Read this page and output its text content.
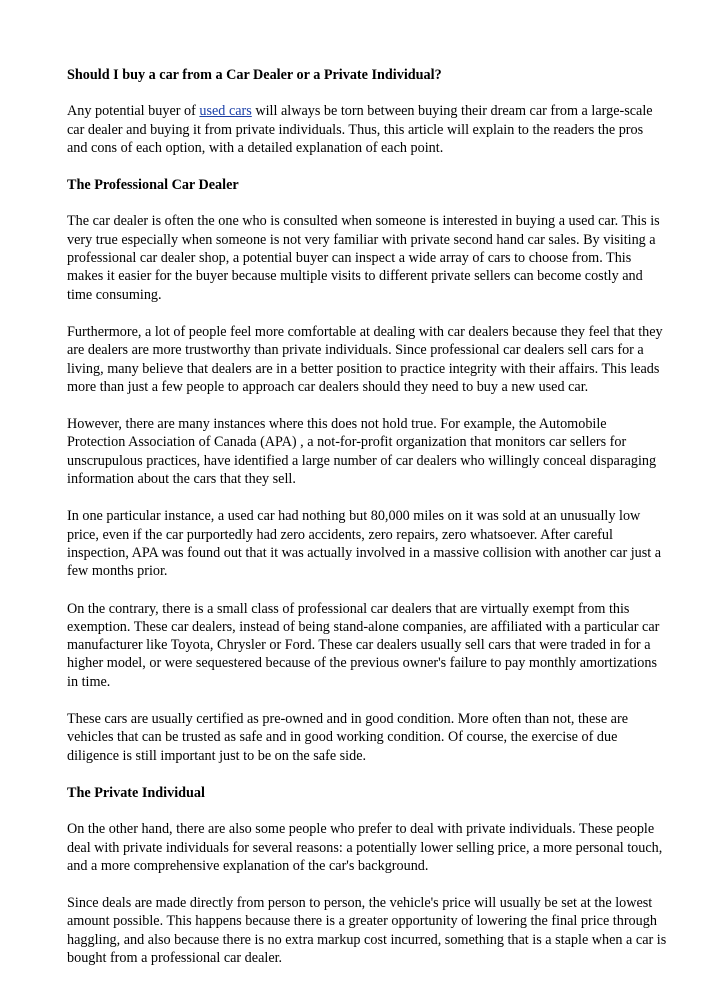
Should I buy a car from a Car Dealer or a Private Individual?

Any potential buyer of used cars will always be torn between buying their dream car from a large-scale car dealer and buying it from private individuals. Thus, this article will explain to the readers the pros and cons of each option, with a detailed explanation of each point.

The Professional Car Dealer

The car dealer is often the one who is consulted when someone is interested in buying a used car. This is very true especially when someone is not very familiar with private second hand car sales. By visiting a professional car dealer shop, a potential buyer can inspect a wide array of cars to choose from. This makes it easier for the buyer because multiple visits to different private sellers can become costly and time consuming.

Furthermore, a lot of people feel more comfortable at dealing with car dealers because they feel that they are dealers are more trustworthy than private individuals. Since professional car dealers sell cars for a living, many believe that dealers are in a better position to practice integrity with their affairs. This leads more than just a few people to approach car dealers should they need to buy a new used car.

However, there are many instances where this does not hold true. For example, the Automobile Protection Association of Canada (APA) , a not-for-profit organization that monitors car sellers for unscrupulous practices, have identified a large number of car dealers who willingly conceal disparaging information about the cars that they sell.

In one particular instance, a used car had nothing but 80,000 miles on it was sold at an unusually low price, even if the car purportedly had zero accidents, zero repairs, zero whatsoever. After careful inspection, APA was found out that it was actually involved in a massive collision with another car just a few months prior.

On the contrary, there is a small class of professional car dealers that are virtually exempt from this exemption. These car dealers, instead of being stand-alone companies, are affiliated with a particular car manufacturer like Toyota, Chrysler or Ford. These car dealers usually sell cars that were traded in for a higher model, or were sequestered because of the previous owner's failure to pay monthly amortizations in time.

These cars are usually certified as pre-owned and in good condition. More often than not, these are vehicles that can be trusted as safe and in good working condition. Of course, the exercise of due diligence is still important just to be on the safe side.

The Private Individual

On the other hand, there are also some people who prefer to deal with private individuals. These people deal with private individuals for several reasons: a potentially lower selling price, a more personal touch, and a more comprehensive explanation of the car's background.

Since deals are made directly from person to person, the vehicle's price will usually be set at the lowest amount possible. This happens because there is a greater opportunity of lowering the final price through haggling, and also because there is no extra markup cost incurred, something that is a staple when a car is bought from a professional car dealer.
